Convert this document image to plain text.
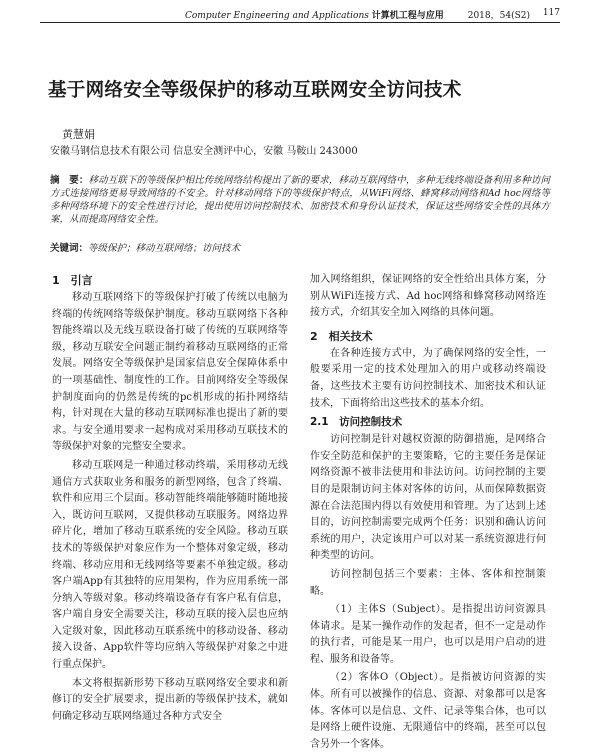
Computer Engineering and Applications 计算机工程与应用	2018，54(S2) 117
基于网络安全等级保护的移动互联网安全访问技术
黄慧娟
安徽马钢信息技术有限公司 信息安全测评中心，安徽 马鞍山 243000
摘　要：移动互联下的等级保护相比传统网络结构提出了新的要求，移动互联网络中，多种无线终端设备利用多种访问方式连接网络更易导致网络的不安全。针对移动网络下的等级保护特点，从WiFi网络、蜂窝移动网络和Ad hoc网络等多种网络环境下的安全性进行讨论，提出使用访问控制技术、加密技术和身份认证技术，保证这些网络安全性的具体方案，从而提高网络安全性。
关键词：等级保护；移动互联网络；访问技术
1　引言

移动互联网络下的等级保护打破了传统以电脑为终端的传统网络等级保护制度。移动互联网络下各种智能终端以及无线互联设备打破了传统的互联网络等级，移动互联安全问题正制约着移动互联网络的正常发展。网络安全等级保护是国家信息安全保障体系中的一项基础性、制度性的工作。目前网络安全等级保护制度面向的仍然是传统的pc机形成的拓扑网络结构，针对现在大量的移动互联网标准也提出了新的要求。与安全通用要求一起构成对采用移动互联技术的等级保护对象的完整安全要求。

移动互联网是一种通过移动终端，采用移动无线通信方式获取业务和服务的新型网络，包含了终端、软件和应用三个层面。移动智能终端能够随时随地接入，既访问互联网，又提供移动互联服务。网络边界碎片化，增加了移动互联系统的安全风险。移动互联技术的等级保护对象应作为一个整体对象定级，移动终端、移动应用和无线网络等要素不单独定级。移动客户端App有其独特的应用架构，作为应用系统一部分纳入等级对象。移动终端设备存有客户私有信息，客户端自身安全需要关注，移动互联的接入层也应纳入定级对象，因此移动互联系统中的移动设备、移动接入设备、App软件等均应纳入等级保护对象之中进行重点保护。

本文将根据新形势下移动互联网络安全要求和新修订的安全扩展要求，提出新的等级保护技术，就如何确定移动互联网络通过各种方式安全

加入网络组织，保证网络的安全性给出具体方案，分别从WiFi连接方式、Ad hoc网络和蜂窝移动网络连接方式，介绍其安全加入网络的具体问题。

2　相关技术

在各种连接方式中，为了确保网络的安全性，一般要采用一定的技术处理加入的用户或移动终端设备，这些技术主要有访问控制技术、加密技术和认证技术，下面将给出这些技术的基本介绍。

2.1　访问控制技术

访问控制是针对越权资源的防御措施，是网络合作安全防范和保护的主要策略，它的主要任务是保证网络资源不被非法使用和非法访问。访问控制的主要目的是限制访问主体对客体的访问，从而保障数据资源在合法范围内得以有效使用和管理。为了达到上述目的，访问控制需要完成两个任务：识别和确认访问系统的用户，决定该用户可以对某一系统资源进行何种类型的访问。

访问控制包括三个要素：主体、客体和控制策略。

（1）主体S（Subject）。是指提出访问资源具体请求。是某一操作动作的发起者，但不一定是动作的执行者，可能是某一用户，也可以是用户启动的进程、服务和设备等。

（2）客体O（Object）。是指被访问资源的实体。所有可以被操作的信息、资源、对象都可以是客体。客体可以是信息、文件、记录等集合体，也可以是网络上硬件设施、无限通信中的终端，甚至可以包含另外一个客体。
